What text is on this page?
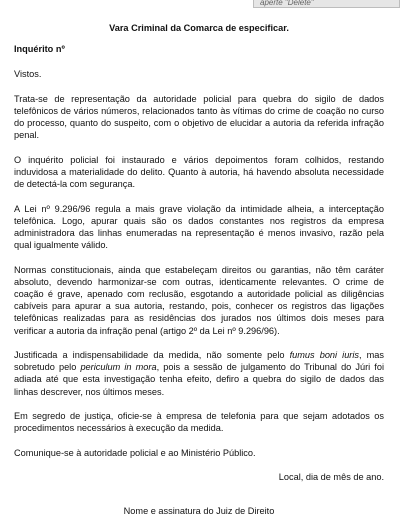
aperte "Delete"
Vara Criminal da Comarca de especificar.
Inquérito nº

Vistos.

Trata-se de representação da autoridade policial para quebra do sigilo de dados telefônicos de vários números, relacionados tanto às vítimas do crime de coação no curso do processo, quanto do suspeito, com o objetivo de elucidar a autoria da referida infração penal.

O inquérito policial foi instaurado e vários depoimentos foram colhidos, restando induvidosa a materialidade do delito. Quanto à autoria, há havendo absoluta necessidade de detectá-la com segurança.

A Lei nº 9.296/96 regula a mais grave violação da intimidade alheia, a interceptação telefônica. Logo, apurar quais são os dados constantes nos registros da empresa administradora das linhas enumeradas na representação é menos invasivo, razão pela qual igualmente válido.

Normas constitucionais, ainda que estabeleçam direitos ou garantias, não têm caráter absoluto, devendo harmonizar-se com outras, identicamente relevantes. O crime de coação é grave, apenado com reclusão, esgotando a autoridade policial as diligências cabíveis para apurar a sua autoria, restando, pois, conhecer os registros das ligações telefônicas realizadas para as residências dos jurados nos últimos dois meses para verificar a autoria da infração penal (artigo 2º da Lei nº 9.296/96).

Justificada a indispensabilidade da medida, não somente pelo fumus boni iuris, mas sobretudo pelo periculum in mora, pois a sessão de julgamento do Tribunal do Júri foi adiada até que esta investigação tenha efeito, defiro a quebra do sigilo de dados das linhas descrever, nos últimos meses.

Em segredo de justiça, oficie-se à empresa de telefonia para que sejam adotados os procedimentos necessários à execução da medida.

Comunique-se à autoridade policial e ao Ministério Público.

Local, dia de mês de ano.

Nome e assinatura do Juiz de Direito
